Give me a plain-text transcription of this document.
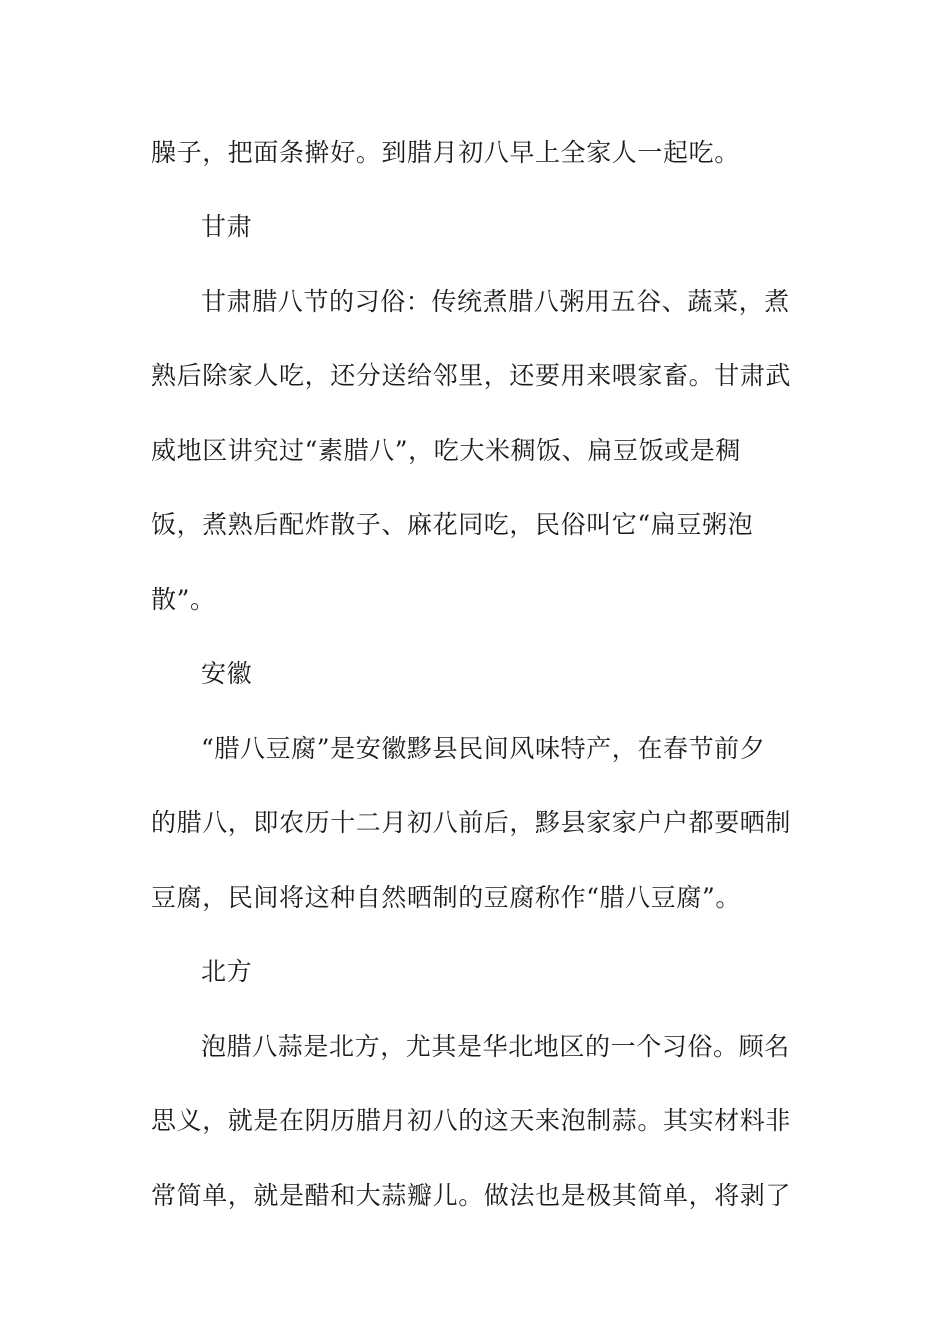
臊子，把面条擀好。到腊月初八早上全家人一起吃。
甘肃
甘肃腊八节的习俗：传统煮腊八粥用五谷、蔬菜，煮
熟后除家人吃，还分送给邻里，还要用来喂家畜。甘肃武
威地区讲究过“素腊八”，吃大米稠饭、扁豆饭或是稠
饭，煮熟后配炸散子、麻花同吃，民俗叫它“扁豆粥泡
散”。
安徽
“腊八豆腐”是安徽黟县民间风味特产，在春节前夕
的腊八，即农历十二月初八前后，黟县家家户户都要晒制
豆腐，民间将这种自然晒制的豆腐称作“腊八豆腐”。
北方
泡腊八蒜是北方，尤其是华北地区的一个习俗。顾名
思义，就是在阴历腊月初八的这天来泡制蒜。其实材料非
常简单，就是醋和大蒜瓣儿。做法也是极其简单，将剥了
